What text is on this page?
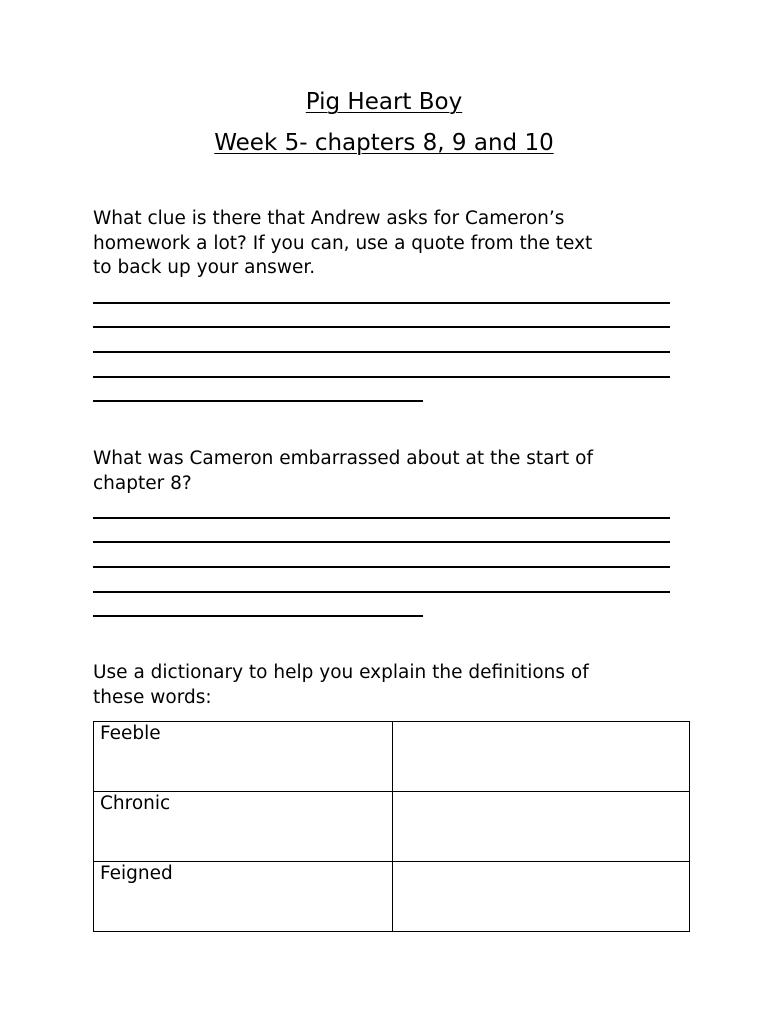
Pig Heart Boy
Week 5- chapters 8, 9 and 10
What clue is there that Andrew asks for Cameron’s
homework a lot? If you can, use a quote from the text
to back up your answer.
What was Cameron embarrassed about at the start of
chapter 8?
Use a dictionary to help you explain the definitions of
these words:
Feeble	
Chronic	
Feigned	
